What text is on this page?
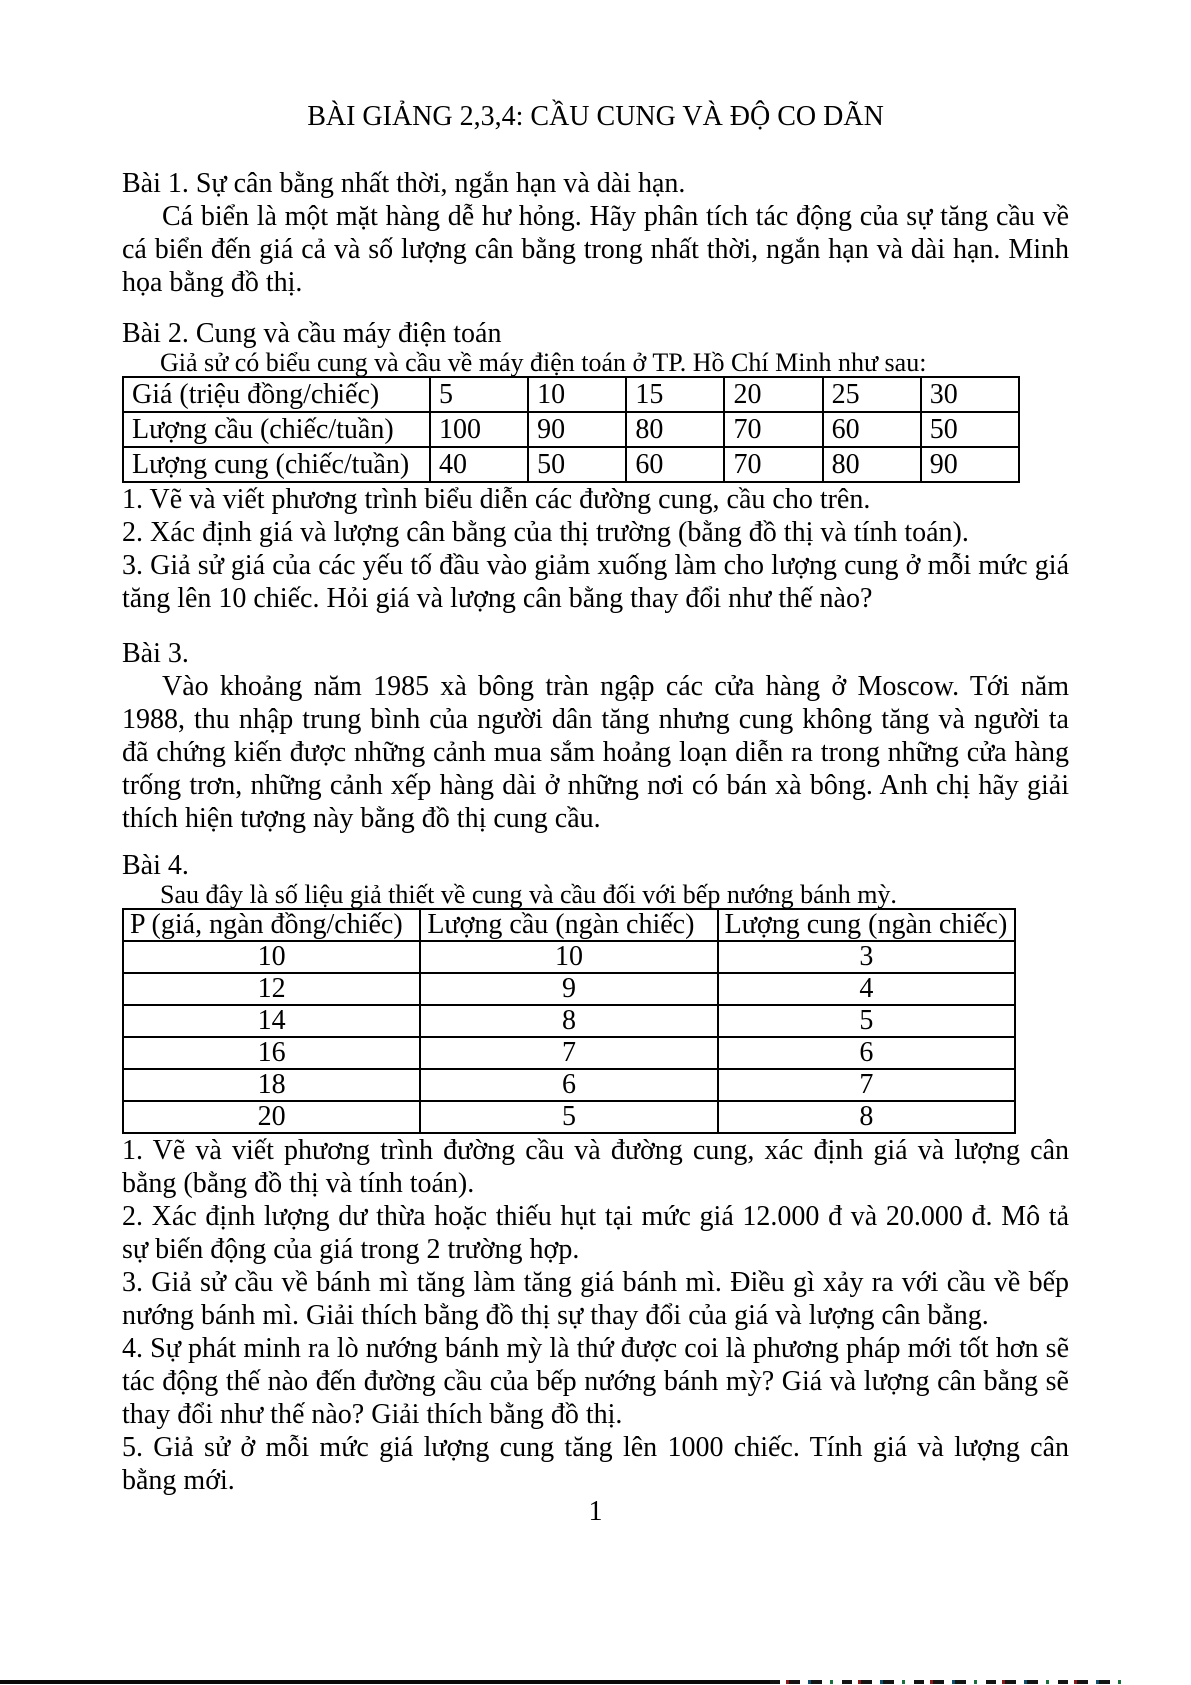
BÀI GIẢNG 2,3,4: CẦU CUNG VÀ ĐỘ CO DÃN
Bài 1. Sự cân bằng nhất thời, ngắn hạn và dài hạn.

Cá biển là một mặt hàng dễ hư hỏng. Hãy phân tích tác động của sự tăng cầu về cá biển đến giá cả và số lượng cân bằng trong nhất thời, ngắn hạn và dài hạn. Minh họa bằng đồ thị.

Bài 2. Cung và cầu máy điện toán

Giả sử có biểu cung và cầu về máy điện toán ở TP. Hồ Chí Minh như sau:

Giá (triệu đồng/chiếc)	5	10	15	20	25	30
Lượng cầu (chiếc/tuần)	100	90	80	70	60	50
Lượng cung (chiếc/tuần)	40	50	60	70	80	90
1. Vẽ và viết phương trình biểu diễn các đường cung, cầu cho trên.
2. Xác định giá và lượng cân bằng của thị trường (bằng đồ thị và tính toán).
3. Giả sử giá của các yếu tố đầu vào giảm xuống làm cho lượng cung ở mỗi mức giá tăng lên 10 chiếc. Hỏi giá và lượng cân bằng thay đổi như thế nào?
Bài 3.

Vào khoảng năm 1985 xà bông tràn ngập các cửa hàng ở Moscow. Tới năm 1988, thu nhập trung bình của người dân tăng nhưng cung không tăng và người ta đã chứng kiến được những cảnh mua sắm hoảng loạn diễn ra trong những cửa hàng trống trơn, những cảnh xếp hàng dài ở những nơi có bán xà bông. Anh chị hãy giải thích hiện tượng này bằng đồ thị cung cầu.

Bài 4.

Sau đây là số liệu giả thiết về cung và cầu đối với bếp nướng bánh mỳ.

P (giá, ngàn đồng/chiếc)	Lượng cầu (ngàn chiếc)	Lượng cung (ngàn chiếc)
10	10	3
12	9	4
14	8	5
16	7	6
18	6	7
20	5	8
1. Vẽ và viết phương trình đường cầu và đường cung, xác định giá và lượng cân bằng (bằng đồ thị và tính toán).
2. Xác định lượng dư thừa hoặc thiếu hụt tại mức giá 12.000 đ và 20.000 đ. Mô tả sự biến động của giá trong 2 trường hợp.
3. Giả sử cầu về bánh mì tăng làm tăng giá bánh mì. Điều gì xảy ra với cầu về bếp nướng bánh mì. Giải thích bằng đồ thị sự thay đổi của giá và lượng cân bằng.
4. Sự phát minh ra lò nướng bánh mỳ là thứ được coi là phương pháp mới tốt hơn sẽ tác động thế nào đến đường cầu của bếp nướng bánh mỳ? Giá và lượng cân bằng sẽ thay đổi như thế nào? Giải thích bằng đồ thị.
5. Giả sử ở mỗi mức giá lượng cung tăng lên 1000 chiếc. Tính giá và lượng cân bằng mới.
1
